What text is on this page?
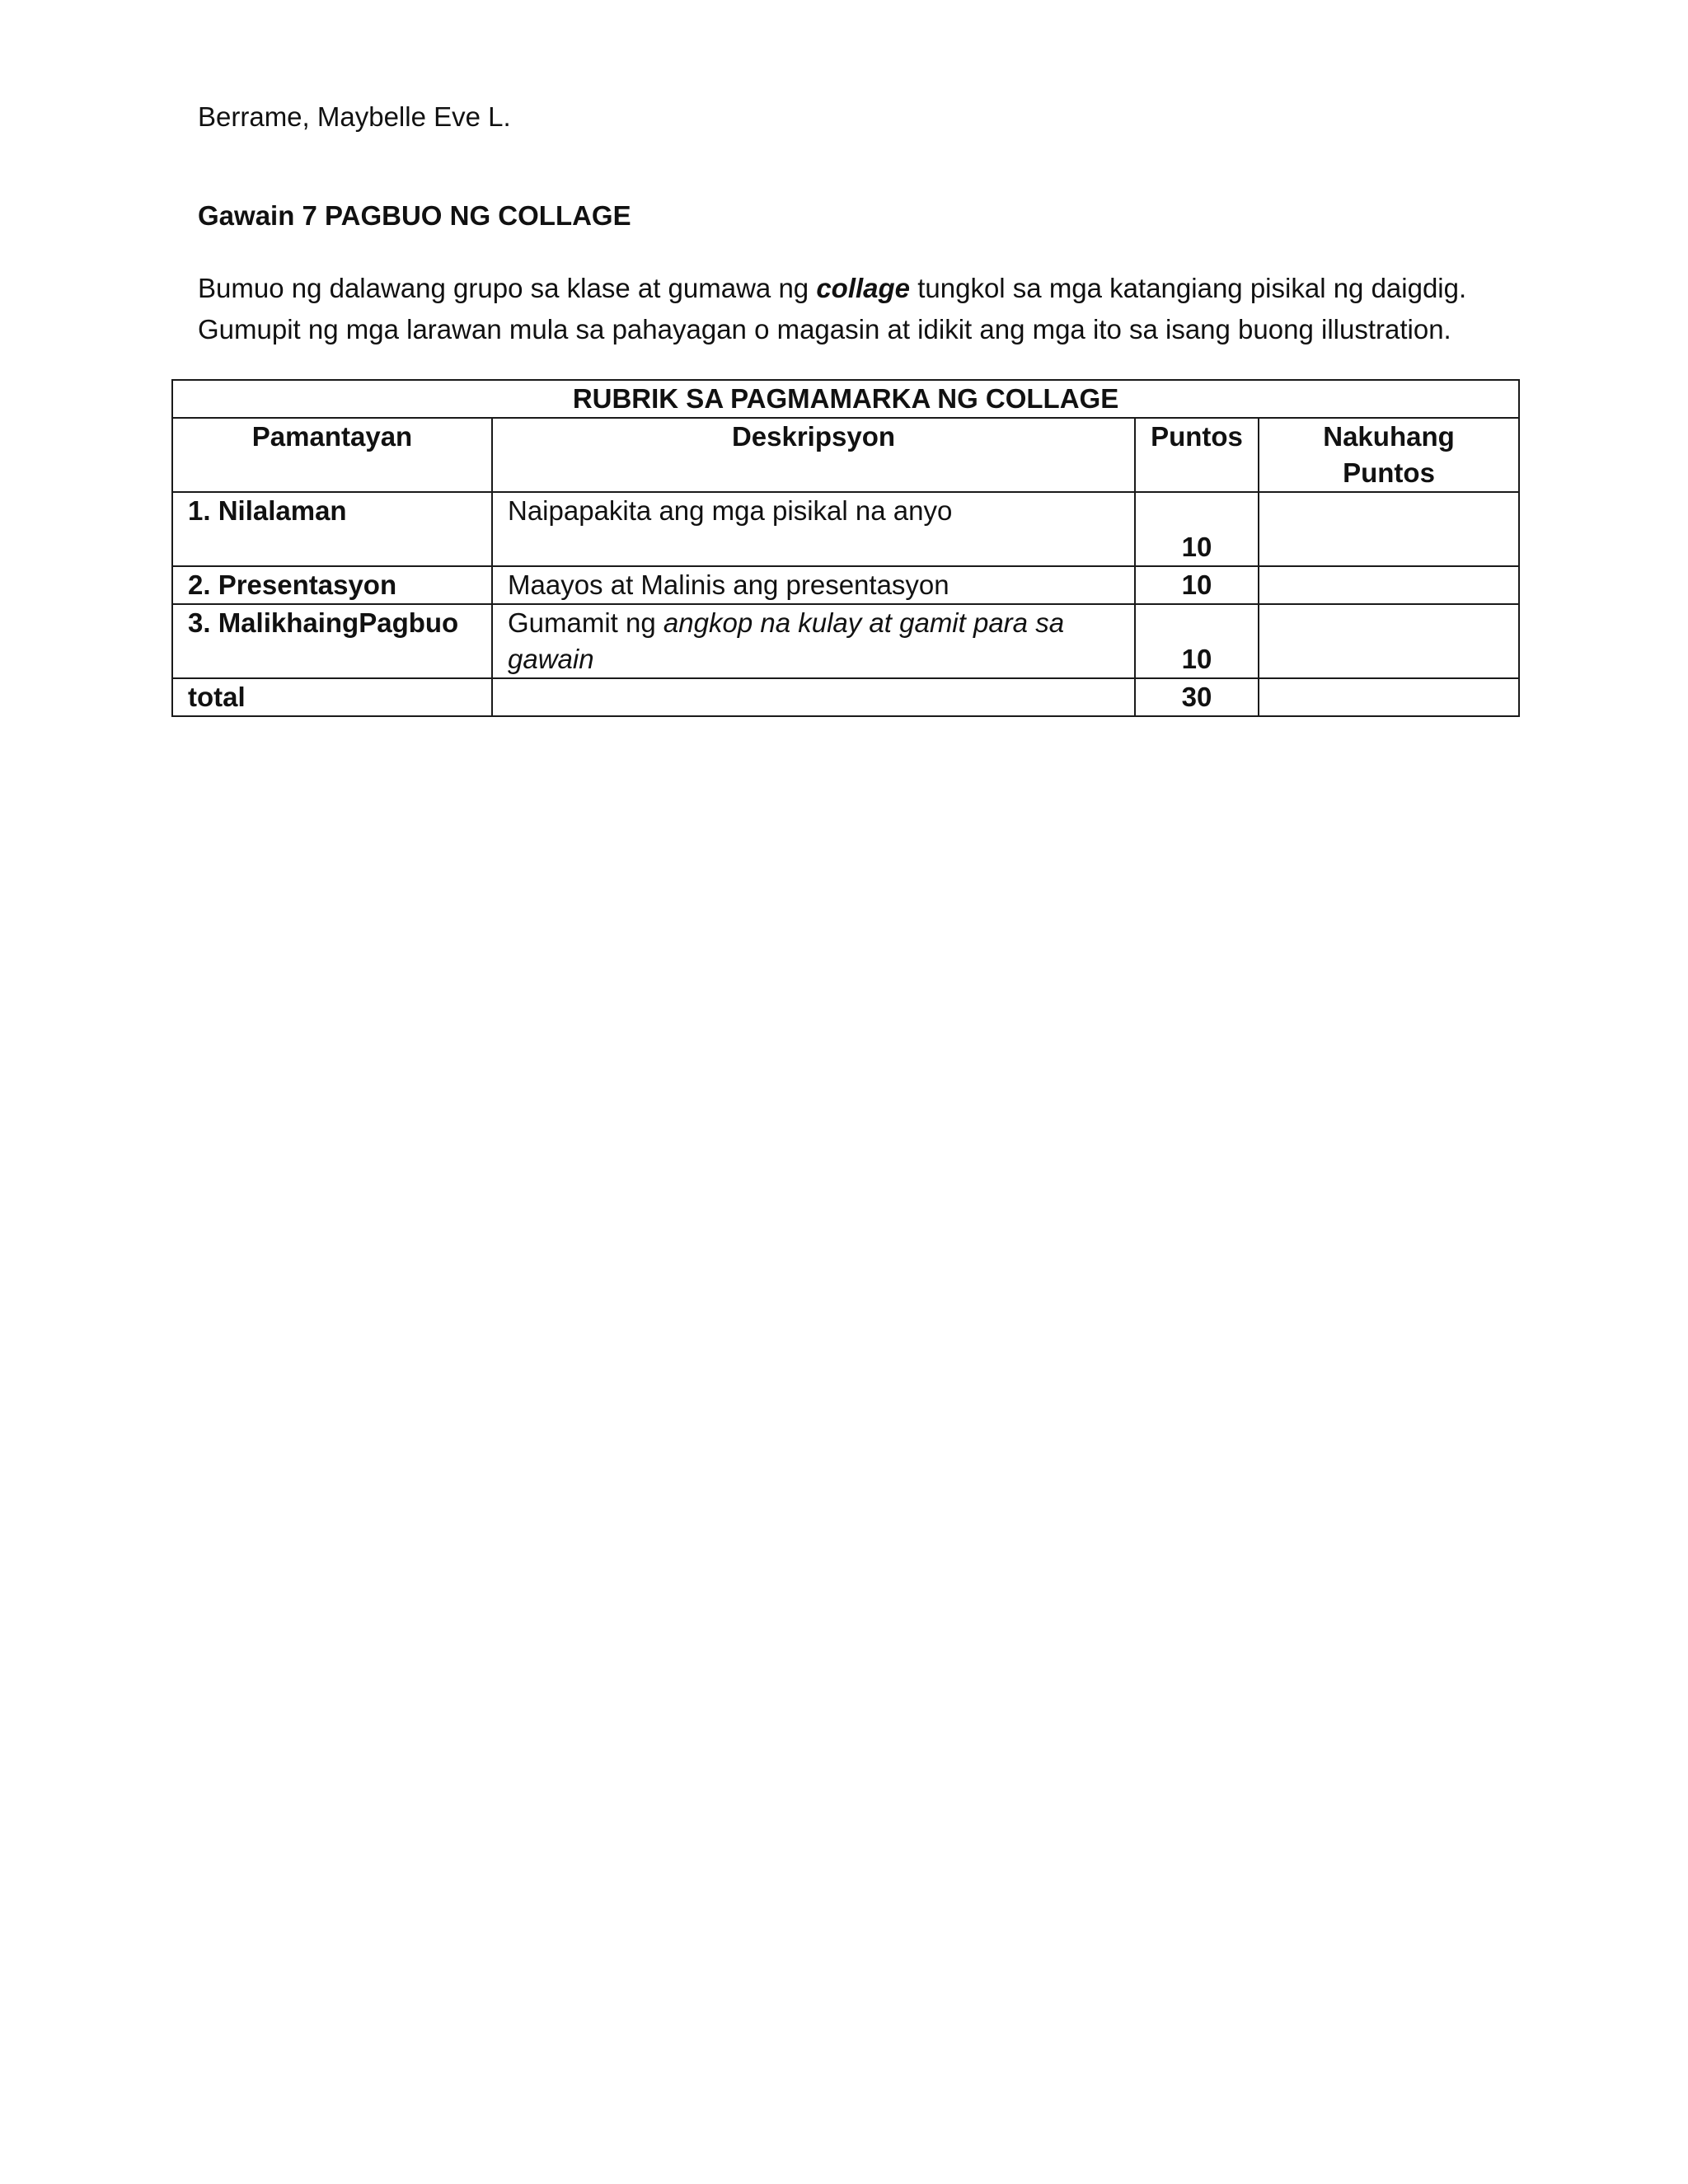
Berrame, Maybelle Eve L.
Gawain 7 PAGBUO NG COLLAGE

Bumuo ng dalawang grupo sa klase at gumawa ng collage tungkol sa mga katangiang pisikal ng daigdig.

Gumupit ng mga larawan mula sa pahayagan o magasin at idikit ang mga ito sa isang buong illustration.

RUBRIK SA PAGMAMARKA NG COLLAGE			
Pamantayan	Deskripsyon	Puntos	Nakuhang Puntos
1. Nilalaman	Naipapakita ang mga pisikal na anyo	10	
2. Presentasyon	Maayos at Malinis ang presentasyon	10	
3. MalikhaingPagbuo	Gumamit ng angkop na kulay at gamit para sa gawain	10	
total		30	
